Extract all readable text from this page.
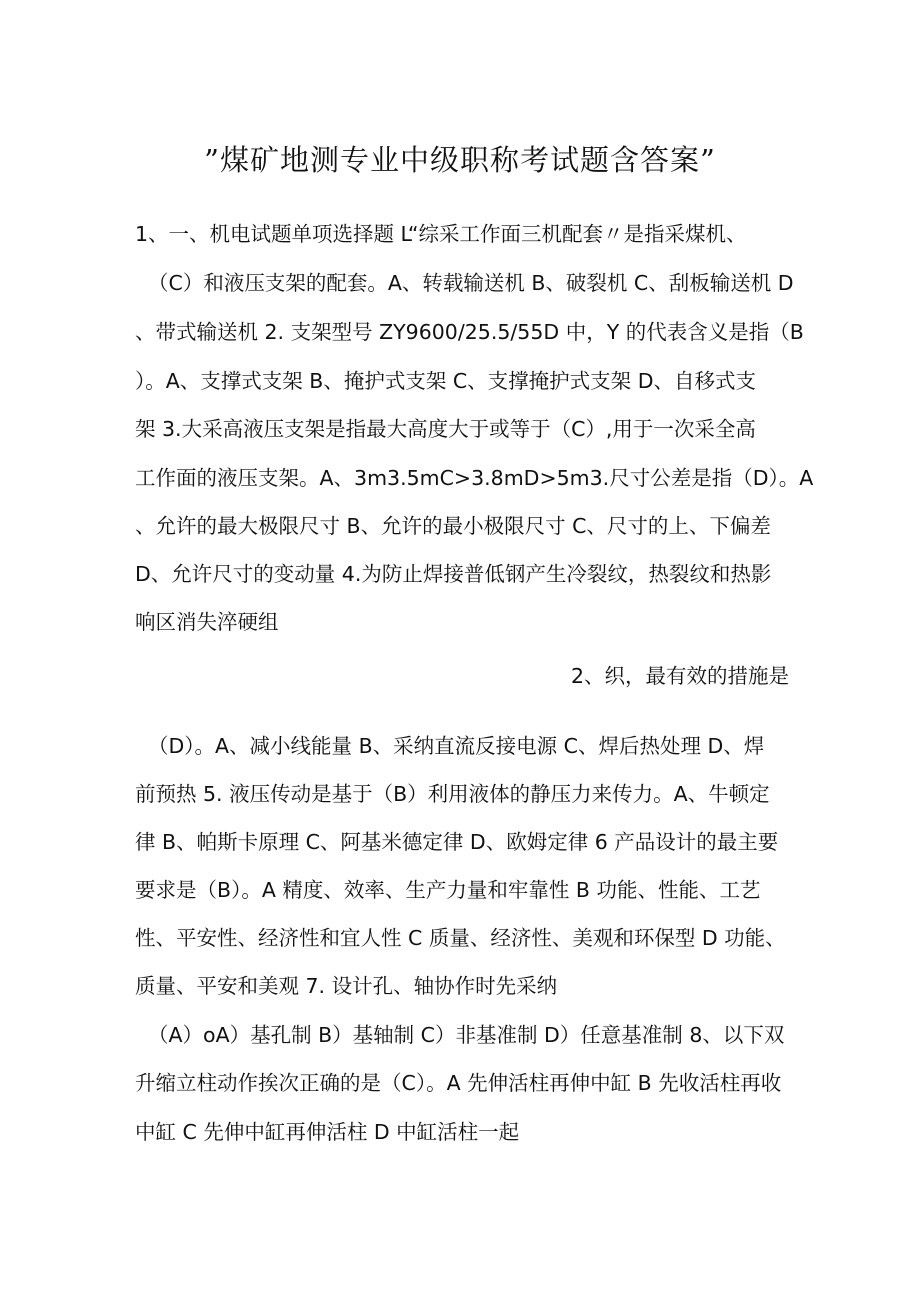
”煤矿地测专业中级职称考试题含答案”
1、一、机电试题单项选择题 L“综采工作面三机配套〃是指采煤机、
（C）和液压支架的配套。A、转载输送机 B、破裂机 C、刮板输送机 D
、带式输送机 2. 支架型号 ZY9600/25.5/55D 中，Y 的代表含义是指（B
）。A、支撑式支架 B、掩护式支架 C、支撑掩护式支架 D、自移式支
架 3.大采高液压支架是指最大高度大于或等于（C）,用于一次采全高
工作面的液压支架。A、3m3.5mC>3.8mD>5m3.尺寸公差是指（D）。A
、允许的最大极限尺寸 B、允许的最小极限尺寸 C、尺寸的上、下偏差
D、允许尺寸的变动量 4.为防止焊接普低钢产生冷裂纹，热裂纹和热影
响区消失淬硬组
2、织，最有效的措施是
（D）。A、减小线能量 B、采纳直流反接电源 C、焊后热处理 D、焊
前预热 5. 液压传动是基于（B）利用液体的静压力来传力。A、牛顿定
律 B、帕斯卡原理 C、阿基米德定律 D、欧姆定律 6 产品设计的最主要
要求是（B）。A 精度、效率、生产力量和牢靠性 B 功能、性能、工艺
性、平安性、经济性和宜人性 C 质量、经济性、美观和环保型 D 功能、
质量、平安和美观 7. 设计孔、轴协作时先采纳
（A）oA）基孔制 B）基轴制 C）非基准制 D）任意基准制 8、以下双
升缩立柱动作挨次正确的是（C）。A 先伸活柱再伸中缸 B 先收活柱再收
中缸 C 先伸中缸再伸活柱 D 中缸活柱一起
